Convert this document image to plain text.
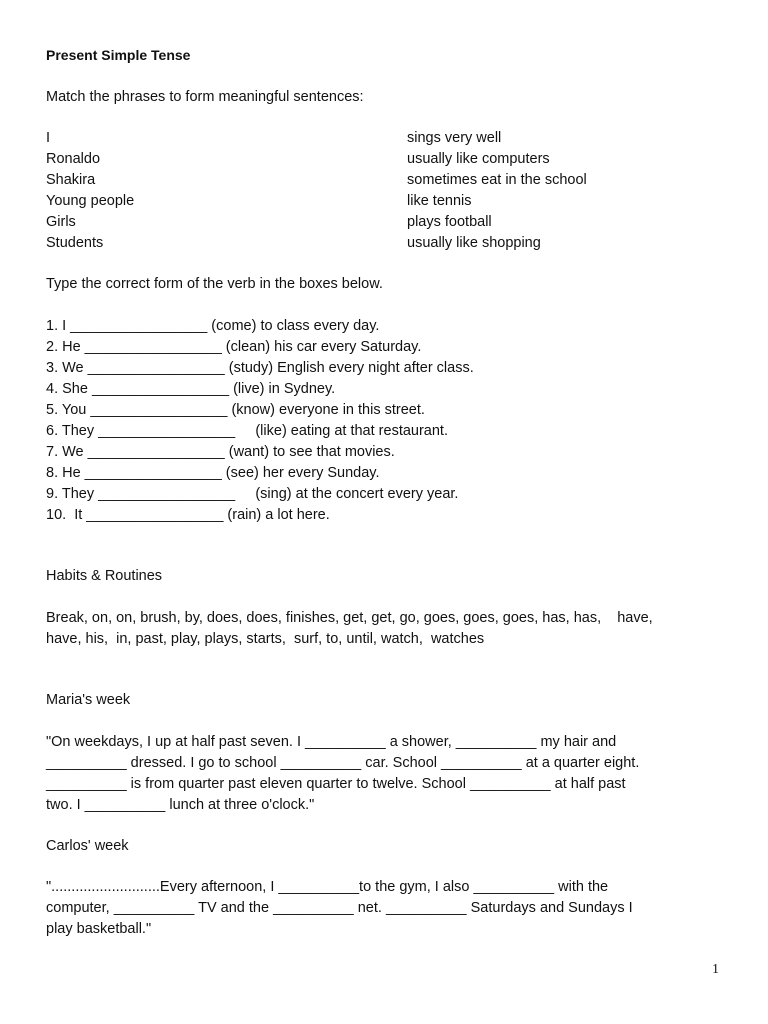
Present Simple Tense
Match the phrases to form meaningful sentences:
I
Ronaldo
Shakira
Young people
Girls
Students
sings very well
usually like computers
sometimes eat in the school
like tennis
plays football
usually like shopping
Type the correct form of the verb in the boxes below.
1. I _________________ (come) to class every day.
2. He _________________ (clean) his car every Saturday.
3. We _________________ (study) English every night after class.
4. She _________________ (live) in Sydney.
5. You _________________ (know) everyone in this street.
6. They _________________     (like) eating at that restaurant.
7. We _________________ (want) to see that movies.
8. He _________________ (see) her every Sunday.
9. They _________________     (sing) at the concert every year.
10.  It _________________ (rain) a lot here.
Habits & Routines
Break, on, on, brush, by, does, does, finishes, get, get, go, goes, goes, goes, has, has,    have,
have, his,  in, past, play, plays, starts,  surf, to, until, watch,  watches
Maria's week
"On weekdays, I up at half past seven. I __________ a shower, __________ my hair and
__________ dressed. I go to school __________ car. School __________ at a quarter eight.
__________ is from quarter past eleven quarter to twelve. School __________ at half past
two. I __________ lunch at three o'clock."
Carlos' week
"...........................Every afternoon, I __________to the gym, I also __________ with the
computer, __________ TV and the __________ net. __________ Saturdays and Sundays I
play basketball."
1
